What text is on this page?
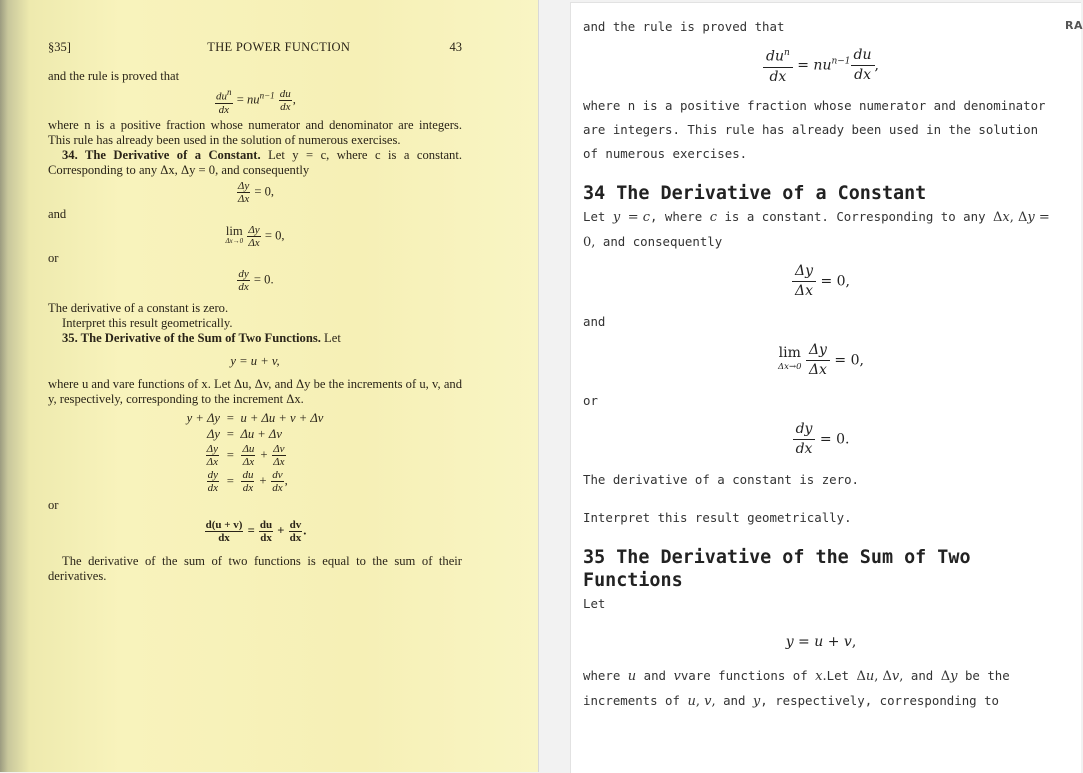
§35]	THE POWER FUNCTION	43

and the rule is proved that

$du^n$
dx
= $nu^{n-1} \frac{du}{dx}$ ,

where n is a positive fraction whose numerator and denominator are integers. This rule has already been used in the solution of numerous exercises.

34. The Derivative of a Constant. Let y = c, where c is a constant. Corresponding to any Δx, Δy = 0, and consequently

$\frac{\Delta y}{\Delta x} = 0$,

and

lim
Δx→0
$\frac{\Delta y}{\Delta x} = 0$,

or

$\frac{dy}{dx} = 0$.

The derivative of a constant is zero.

Interpret this result geometrically.

35. The Derivative of the Sum of Two Functions. Let

y = u + v,

where u and vare functions of x. Let Δu, Δv, and Δy be the increments of u, v, and y, respectively, corresponding to the increment Δx.

y + Δy = u + Δu + v + Δv
Δy = Δu + Δv
$\frac{\Delta y}{\Delta x} = \frac{\Delta u}{\Delta x} + \frac{\Delta v}{\Delta x}$
$\frac{dy}{dx} = \frac{du}{dx} + \frac{dv}{dx}$ ,

or

$\frac{d(u + v)}{dx} = \frac{du}{dx} + \frac{dv}{dx}$ .

The derivative of the sum of two functions is equal to the sum of their derivatives.

RA

and the rule is proved that

$\frac{du^n}{dx} = nu^{n-1} \frac{du}{dx}$ ,

where n is a positive fraction whose numerator and denominator are integers. This rule has already been used in the solution of numerous exercises.

34 The Derivative of a Constant

Let y = c, where c is a constant. Corresponding to any Δx, Δy = 0, and consequently

$\frac{\Delta y}{\Delta x} = 0$,

and

lim
Δx→0
$\frac{\Delta y}{\Delta x} = 0$,

or

$\frac{dy}{dx} = 0$.

The derivative of a constant is zero.

Interpret this result geometrically.

35 The Derivative of the Sum of Two Functions

Let

y = u + v,

where u and vvare functions of x.Let Δu, Δv, and Δy be the increments of u, v, and y, respectively, corresponding to
